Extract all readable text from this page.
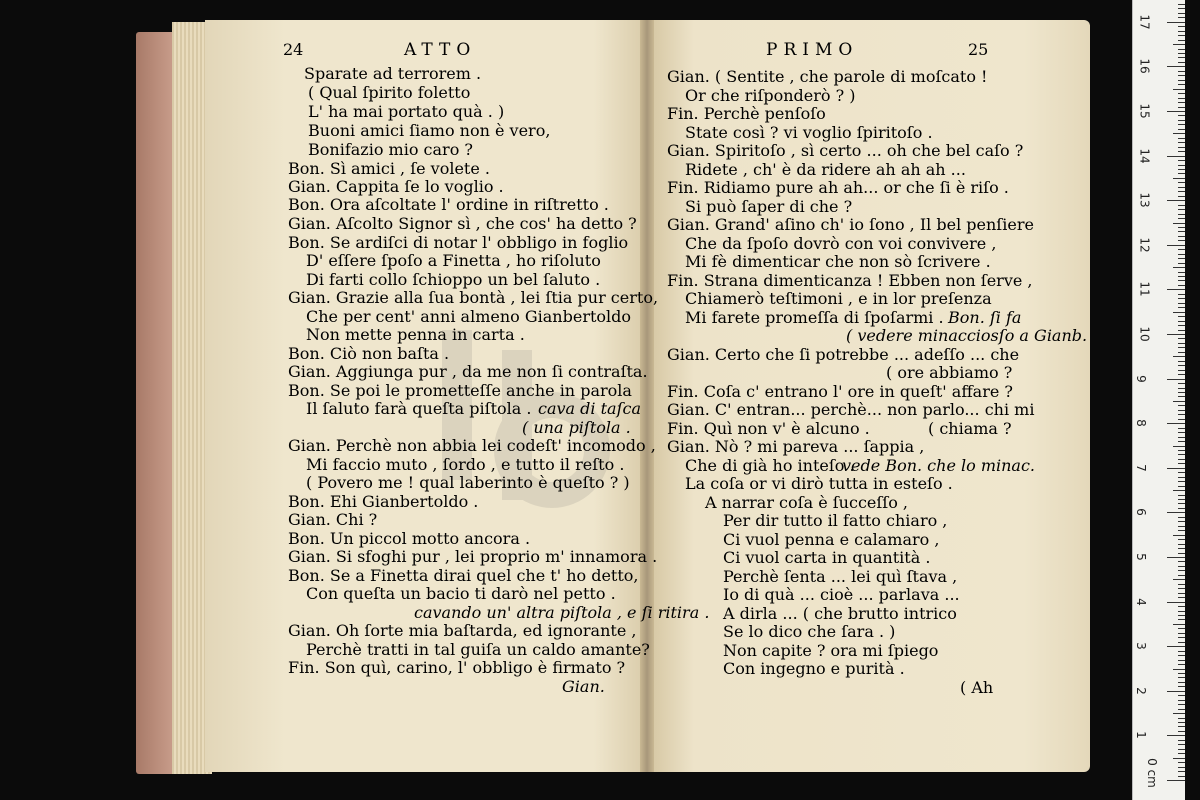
24	ATTO	PRIMO	25
Sparate ad terrorem .
( Qual ſpirito foletto
L' ha mai portato quà . )
Buoni amici ſiamo non è vero,
Bonifazio mio caro ?
Bon. Sì amici , ſe volete .
Gian. Cappita ſe lo voglio .
Bon. Ora aſcoltate l' ordine in riſtretto .
Gian. Aſcolto Signor sì , che cos' ha detto ?
Bon. Se ardiſci di notar l' obbligo in foglio
D' eſſere ſpoſo a Finetta , ho riſoluto
Di farti collo ſchioppo un bel ſaluto .
Gian. Grazie alla ſua bontà , lei ſtia pur certo,
Che per cent' anni almeno Gianbertoldo
Non mette penna in carta .
Bon. Ciò non baſta .
Gian. Aggiunga pur , da me non ſi contraſta.
Bon. Se poi le prometteſſe anche in parola
Il ſaluto farà queſta piſtola . cava di taſca
( una piſtola .
Gian. Perchè non abbia lei codeſt' incomodo ,
Mi faccio muto , ſordo , e tutto il reſto .
( Povero me ! qual laberinto è queſto ? )
Bon. Ehi Gianbertoldo .
Gian. Chi ?
Bon. Un piccol motto ancora .
Gian. Si sfoghi pur , lei proprio m' innamora .
Bon. Se a Finetta dirai quel che t' ho detto,
Con queſta un bacio ti darò nel petto .
cavando un' altra piſtola , e ſi ritira .
Gian. Oh ſorte mia baſtarda, ed ignorante ,
Perchè tratti in tal guiſa un caldo amante?
Fin. Son quì, carino, l' obbligo è firmato ?
Gian.
Gian. ( Sentite , che parole di moſcato !
Or che riſponderò ? )
Fin. Perchè penſoſo
State così ? vi voglio ſpiritoſo .
Gian. Spiritoſo , sì certo ... oh che bel caſo ?
Ridete , ch' è da ridere ah ah ah ...
Fin. Ridiamo pure ah ah... or che ſi è riſo .
Si può ſaper di che ?
Gian. Grand' aſino ch' io ſono , Il bel penſiere
Che da ſpoſo dovrò con voi convivere ,
Mi fè dimenticar che non sò ſcrivere .
Fin. Strana dimenticanza ! Ebben non ſerve ,
Chiamerò teſtimoni , e in lor preſenza
Mi farete promeſſa di ſpoſarmi . Bon. ſi fa
( vedere minacciosſo a Gianb.
Gian. Certo che ſi potrebbe ... adeſſo ... che
( ore abbiamo ?
Fin. Coſa c' entrano l' ore in queſt' affare ?
Gian. C' entran... perchè... non parlo... chi mi
Fin. Quì non v' è alcuno .	( chiama ?
Gian. Nò ? mi pareva ... ſappia ,
Che di già ho inteſo .
vede Bon. che lo minac.
La coſa or vi dirò tutta in esteſo .
A narrar coſa è ſucceſſo ,
Per dir tutto il fatto chiaro ,
Ci vuol penna e calamaro ,
Ci vuol carta in quantità .
Perchè ſenta ... lei quì ſtava ,
Io di quà ... cioè ... parlava ...
A dirla ... ( che brutto intrico
Se lo dico che ſara . )
Non capite ? ora mi ſpiego
Con ingegno e purità .
( Ah
0 cm
1
2
3
4
5
6
7
8
9
10
11
12
13
14
15
16
17
